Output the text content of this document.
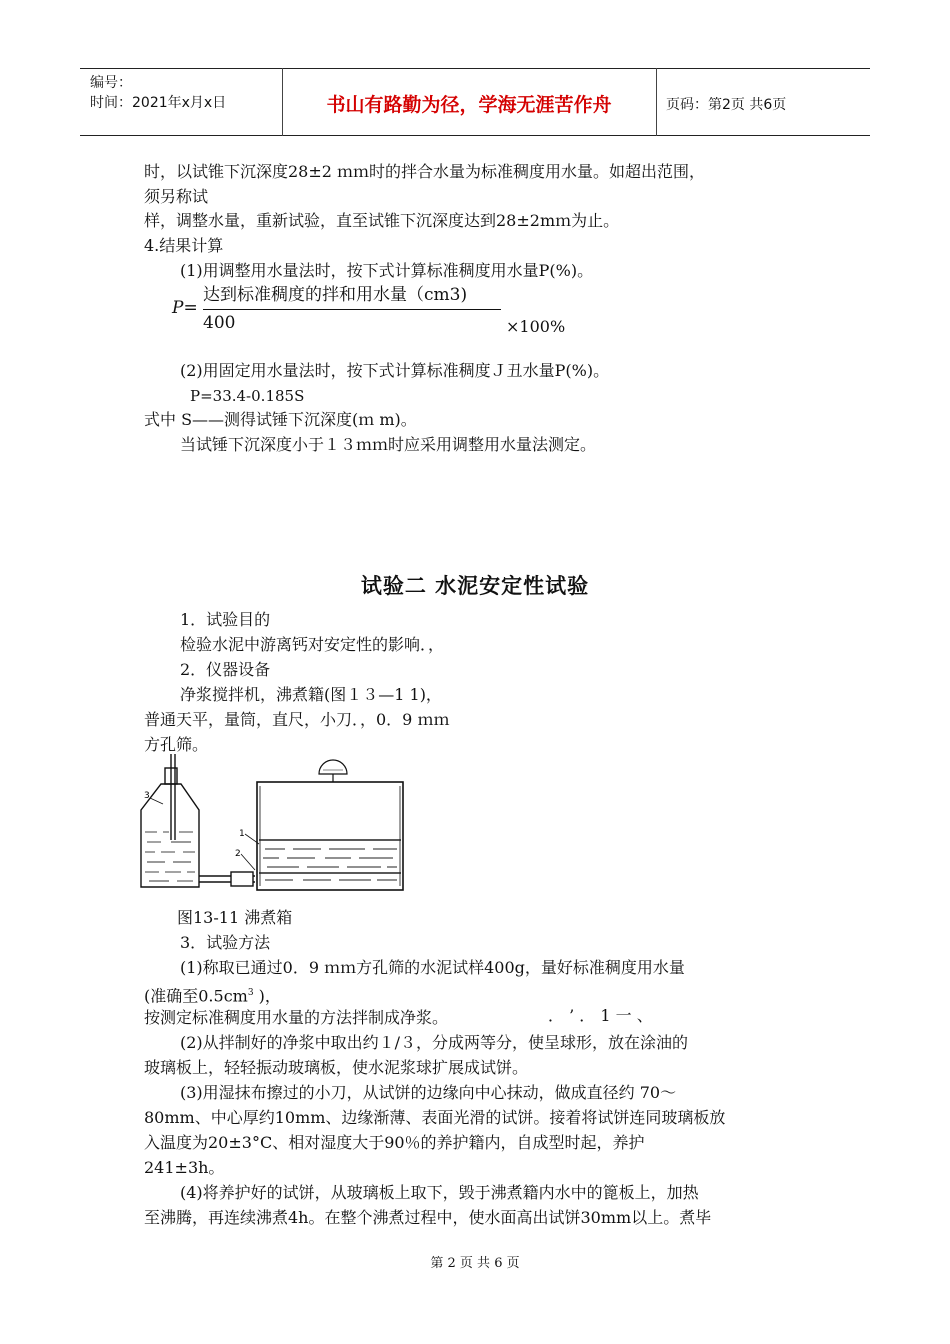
编号：
时间：2021年x月x日	书山有路勤为径，学海无涯苦作舟	页码：第2页 共6页
时，以试锥下沉深度28±2 ｍｍ时的拌合水量为标准稠度用水量。如超出范围，
须另称试
样，调整水量，重新试验，直至试锥下沉深度达到28±2mｍ为止。
4.结果计算
(1)用调整用水量法时，按下式计算标准稠度用水量P(%)。
P=
达到标准稠度的拌和用水量（cm3)
400	×100%
(2)用固定用水量法时，按下式计算标准稠度Ｊ丑水量P(%)。
P=33.4-0.185S
式中 S——测得试锤下沉深度(ｍ m)。
当试锤下沉深度小于１３ｍｍ时应采用调整用水量法测定。
试验二 水泥安定性试验
1．试验目的
检验水泥中游离钙对安定性的影响．，
2．仪器设备
净浆搅拌机，沸煮籍(图１３—1 1)，
普通天平，量筒，直尺，小刀．，0．9 ｍｍ
方孔筛。
3
1
2
图13-11 沸煮箱
3．试验方法
(1)称取已通过0．9 ｍｍ方孔筛的水泥试样400g，量好标准稠度用水量
(准确至$0.5cm^3$ )，
按测定标准稠度用水量的方法拌制成净浆。	． ’ ． 1 一 、
(2)从拌制好的净浆中取出约１/３，分成两等分，使呈球形，放在涂油的
玻璃板上，轻轻振动玻璃板，使水泥浆球扩展成试饼。
(3)用湿抹布擦过的小刀，从试饼的边缘向中心抹动，做成直径约 70～
80mm、中心厚约10mm、边缘渐薄、表面光滑的试饼。接着将试饼连同玻璃板放
入温度为20±3°C、相对湿度大于90％的养护籍内，自成型时起，养护
241±3h。
(4)将养护好的试饼，从玻璃板上取下，毁于沸煮籍内水中的篦板上，加热
至沸腾，再连续沸煮4h。在整个沸煮过程中，使水面高出试饼30mm以上。煮毕
第 2 页 共 6 页
